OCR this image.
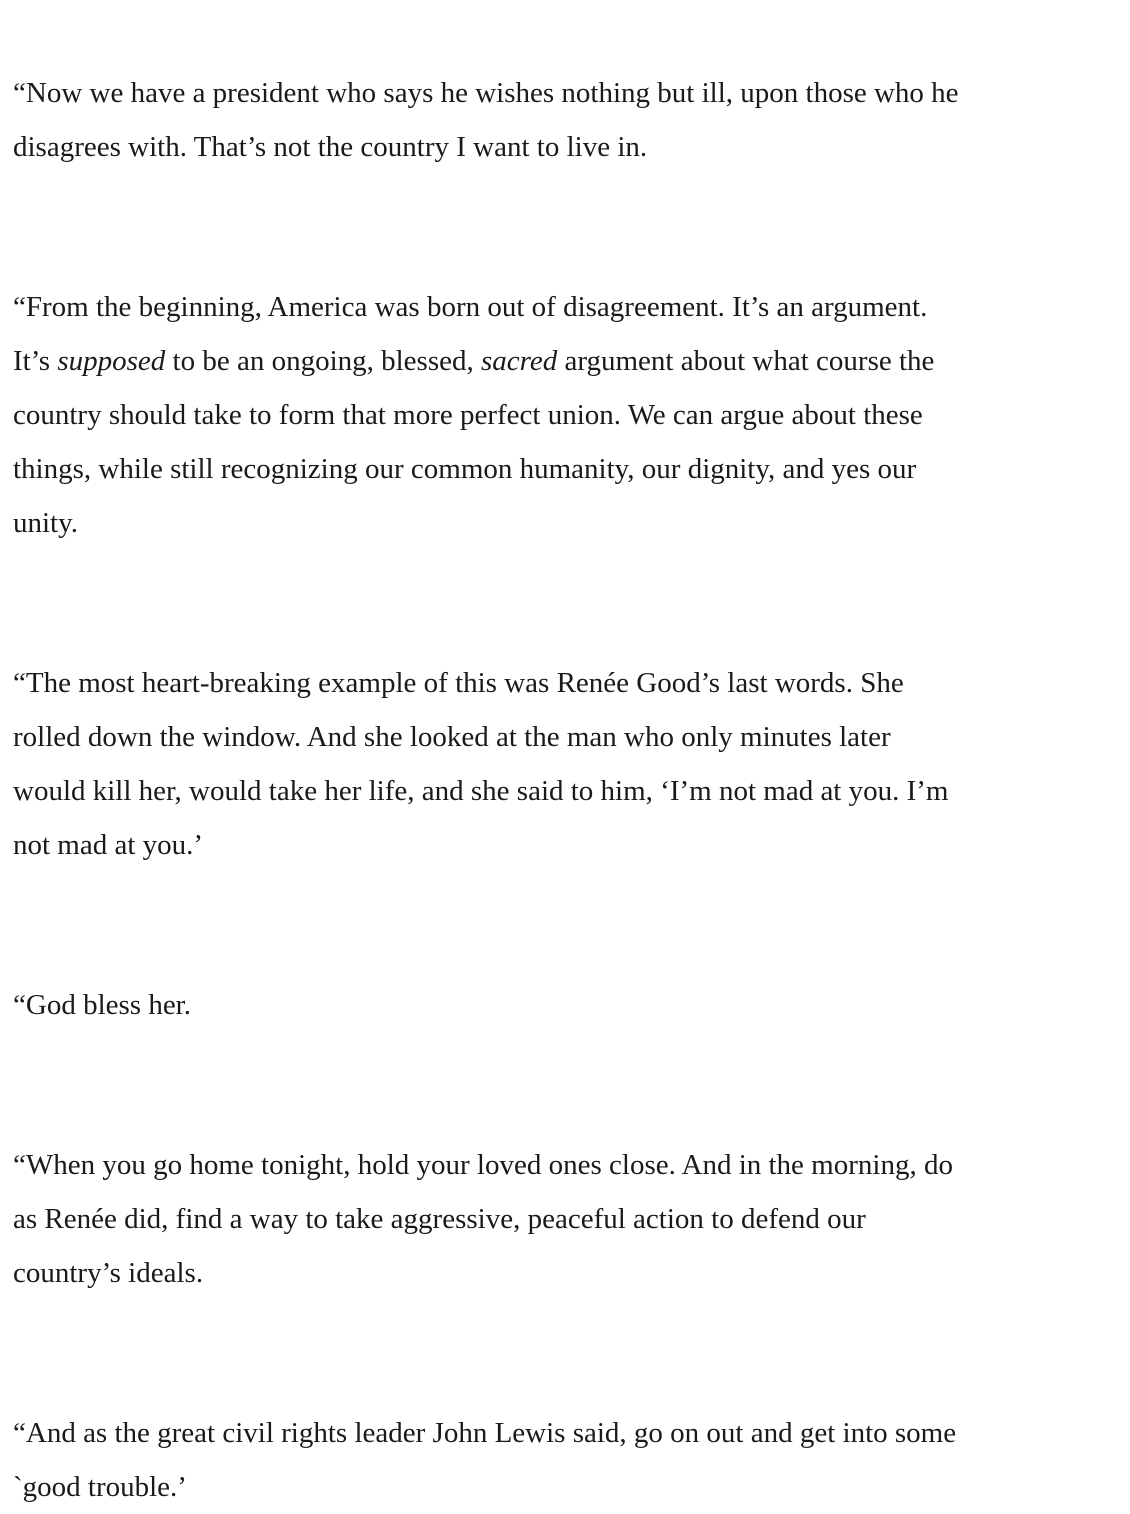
“Now we have a president who says he wishes nothing but ill, upon those who he
disagrees with. That’s not the country I want to live in.

“From the beginning, America was born out of disagreement. It’s an argument.
It’s supposed to be an ongoing, blessed, sacred argument about what course the
country should take to form that more perfect union. We can argue about these
things, while still recognizing our common humanity, our dignity, and yes our
unity.

“The most heart-breaking example of this was Renée Good’s last words. She
rolled down the window. And she looked at the man who only minutes later
would kill her, would take her life, and she said to him, ‘I’m not mad at you. I’m
not mad at you.’

“God bless her.

“When you go home tonight, hold your loved ones close. And in the morning, do
as Renée did, find a way to take aggressive, peaceful action to defend our
country’s ideals.

“And as the great civil rights leader John Lewis said, go on out and get into some
`good trouble.’
